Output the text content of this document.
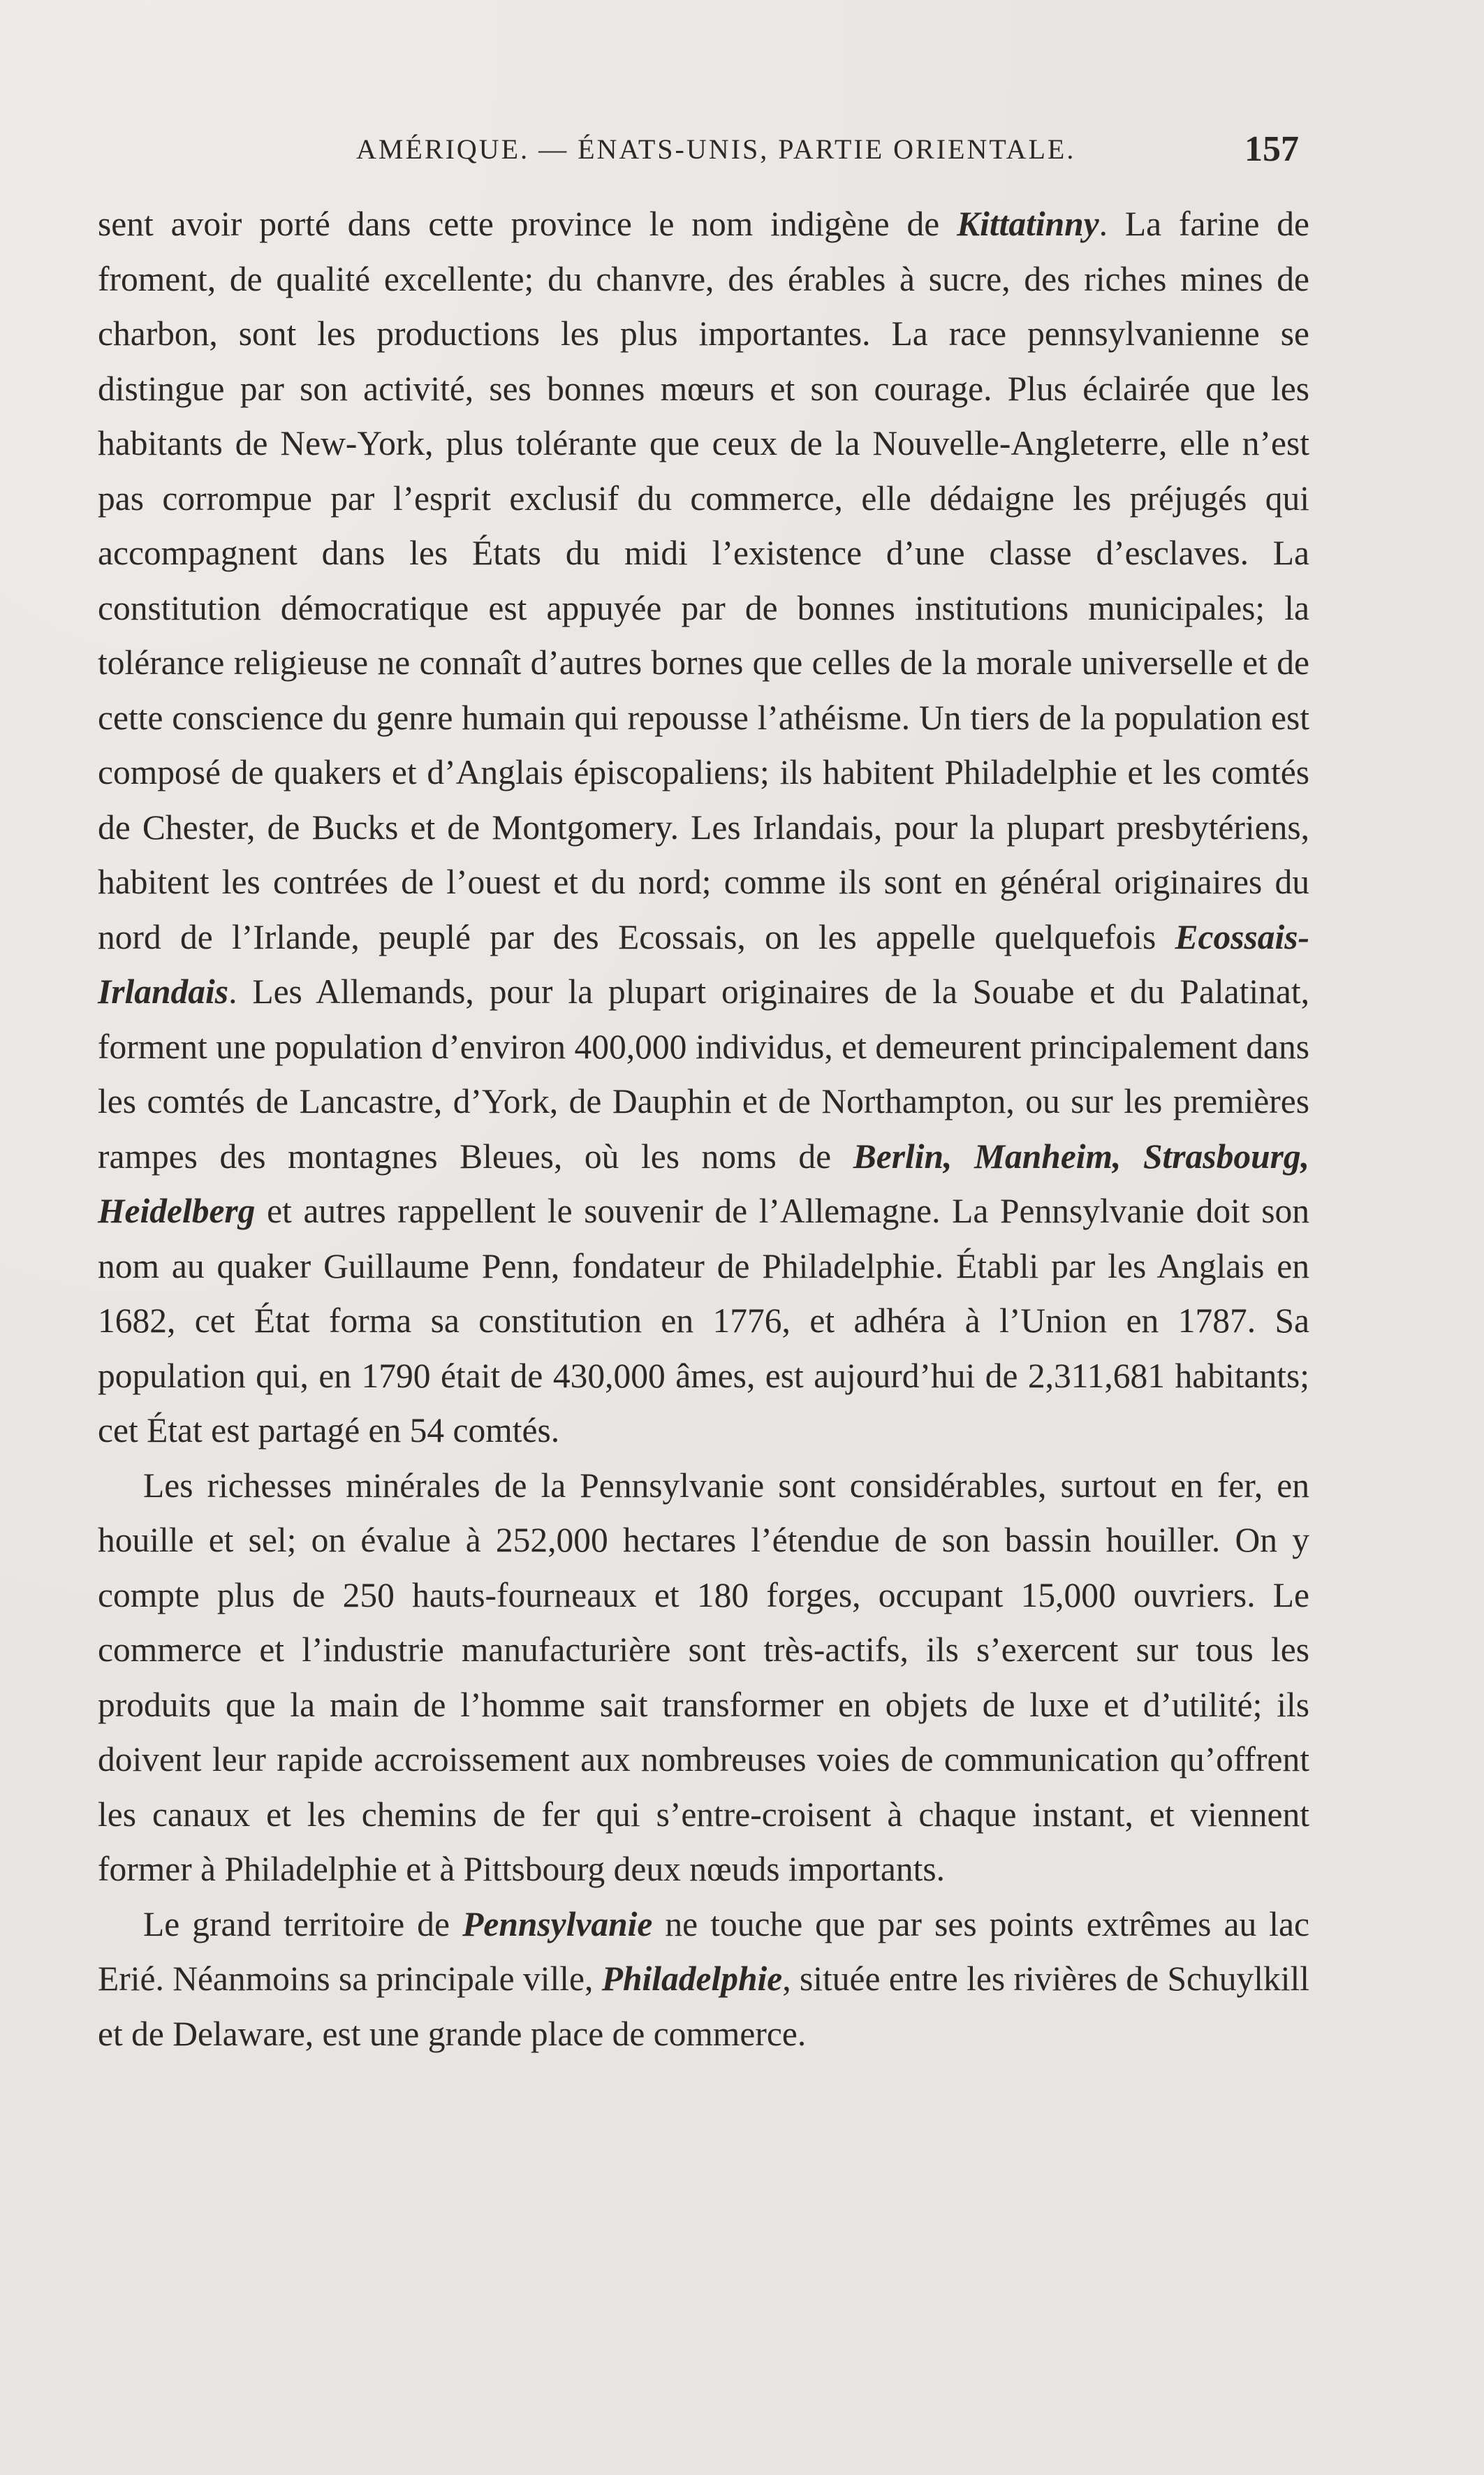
AMÉRIQUE. — ÉNATS-UNIS, PARTIE ORIENTALE.	157

sent avoir porté dans cette province le nom indigène de Kittatinny. La farine de froment, de qualité excellente; du chanvre, des érables à sucre, des riches mines de charbon, sont les productions les plus importantes. La race pennsylvanienne se distingue par son activité, ses bonnes mœurs et son courage. Plus éclairée que les habitants de New-York, plus tolérante que ceux de la Nouvelle-Angleterre, elle n’est pas corrompue par l’esprit exclusif du commerce, elle dédaigne les préjugés qui accompagnent dans les États du midi l’existence d’une classe d’esclaves. La constitution démocratique est appuyée par de bonnes institutions municipales; la tolérance religieuse ne connaît d’autres bornes que celles de la morale universelle et de cette conscience du genre humain qui repousse l’athéisme. Un tiers de la population est composé de quakers et d’Anglais épiscopaliens; ils habitent Philadelphie et les comtés de Chester, de Bucks et de Montgomery. Les Irlandais, pour la plupart presbytériens, habitent les contrées de l’ouest et du nord; comme ils sont en général originaires du nord de l’Irlande, peuplé par des Ecossais, on les appelle quelquefois Ecossais-Irlandais. Les Allemands, pour la plupart originaires de la Souabe et du Palatinat, forment une population d’environ 400,000 individus, et demeurent principalement dans les comtés de Lancastre, d’York, de Dauphin et de Northampton, ou sur les premières rampes des montagnes Bleues, où les noms de Berlin, Manheim, Strasbourg, Heidelberg et autres rappellent le souvenir de l’Allemagne. La Pennsylvanie doit son nom au quaker Guillaume Penn, fondateur de Philadelphie. Établi par les Anglais en 1682, cet État forma sa constitution en 1776, et adhéra à l’Union en 1787. Sa population qui, en 1790 était de 430,000 âmes, est aujourd’hui de 2,311,681 habitants; cet État est partagé en 54 comtés.

Les richesses minérales de la Pennsylvanie sont considérables, surtout en fer, en houille et sel; on évalue à 252,000 hectares l’étendue de son bassin houiller. On y compte plus de 250 hauts-fourneaux et 180 forges, occupant 15,000 ouvriers. Le commerce et l’industrie manufacturière sont très-actifs, ils s’exercent sur tous les produits que la main de l’homme sait transformer en objets de luxe et d’utilité; ils doivent leur rapide accroissement aux nombreuses voies de communication qu’offrent les canaux et les chemins de fer qui s’entre-croisent à chaque instant, et viennent former à Philadelphie et à Pittsbourg deux nœuds importants.

Le grand territoire de Pennsylvanie ne touche que par ses points extrêmes au lac Erié. Néanmoins sa principale ville, Philadelphie, située entre les rivières de Schuylkill et de Delaware, est une grande place de commerce.
